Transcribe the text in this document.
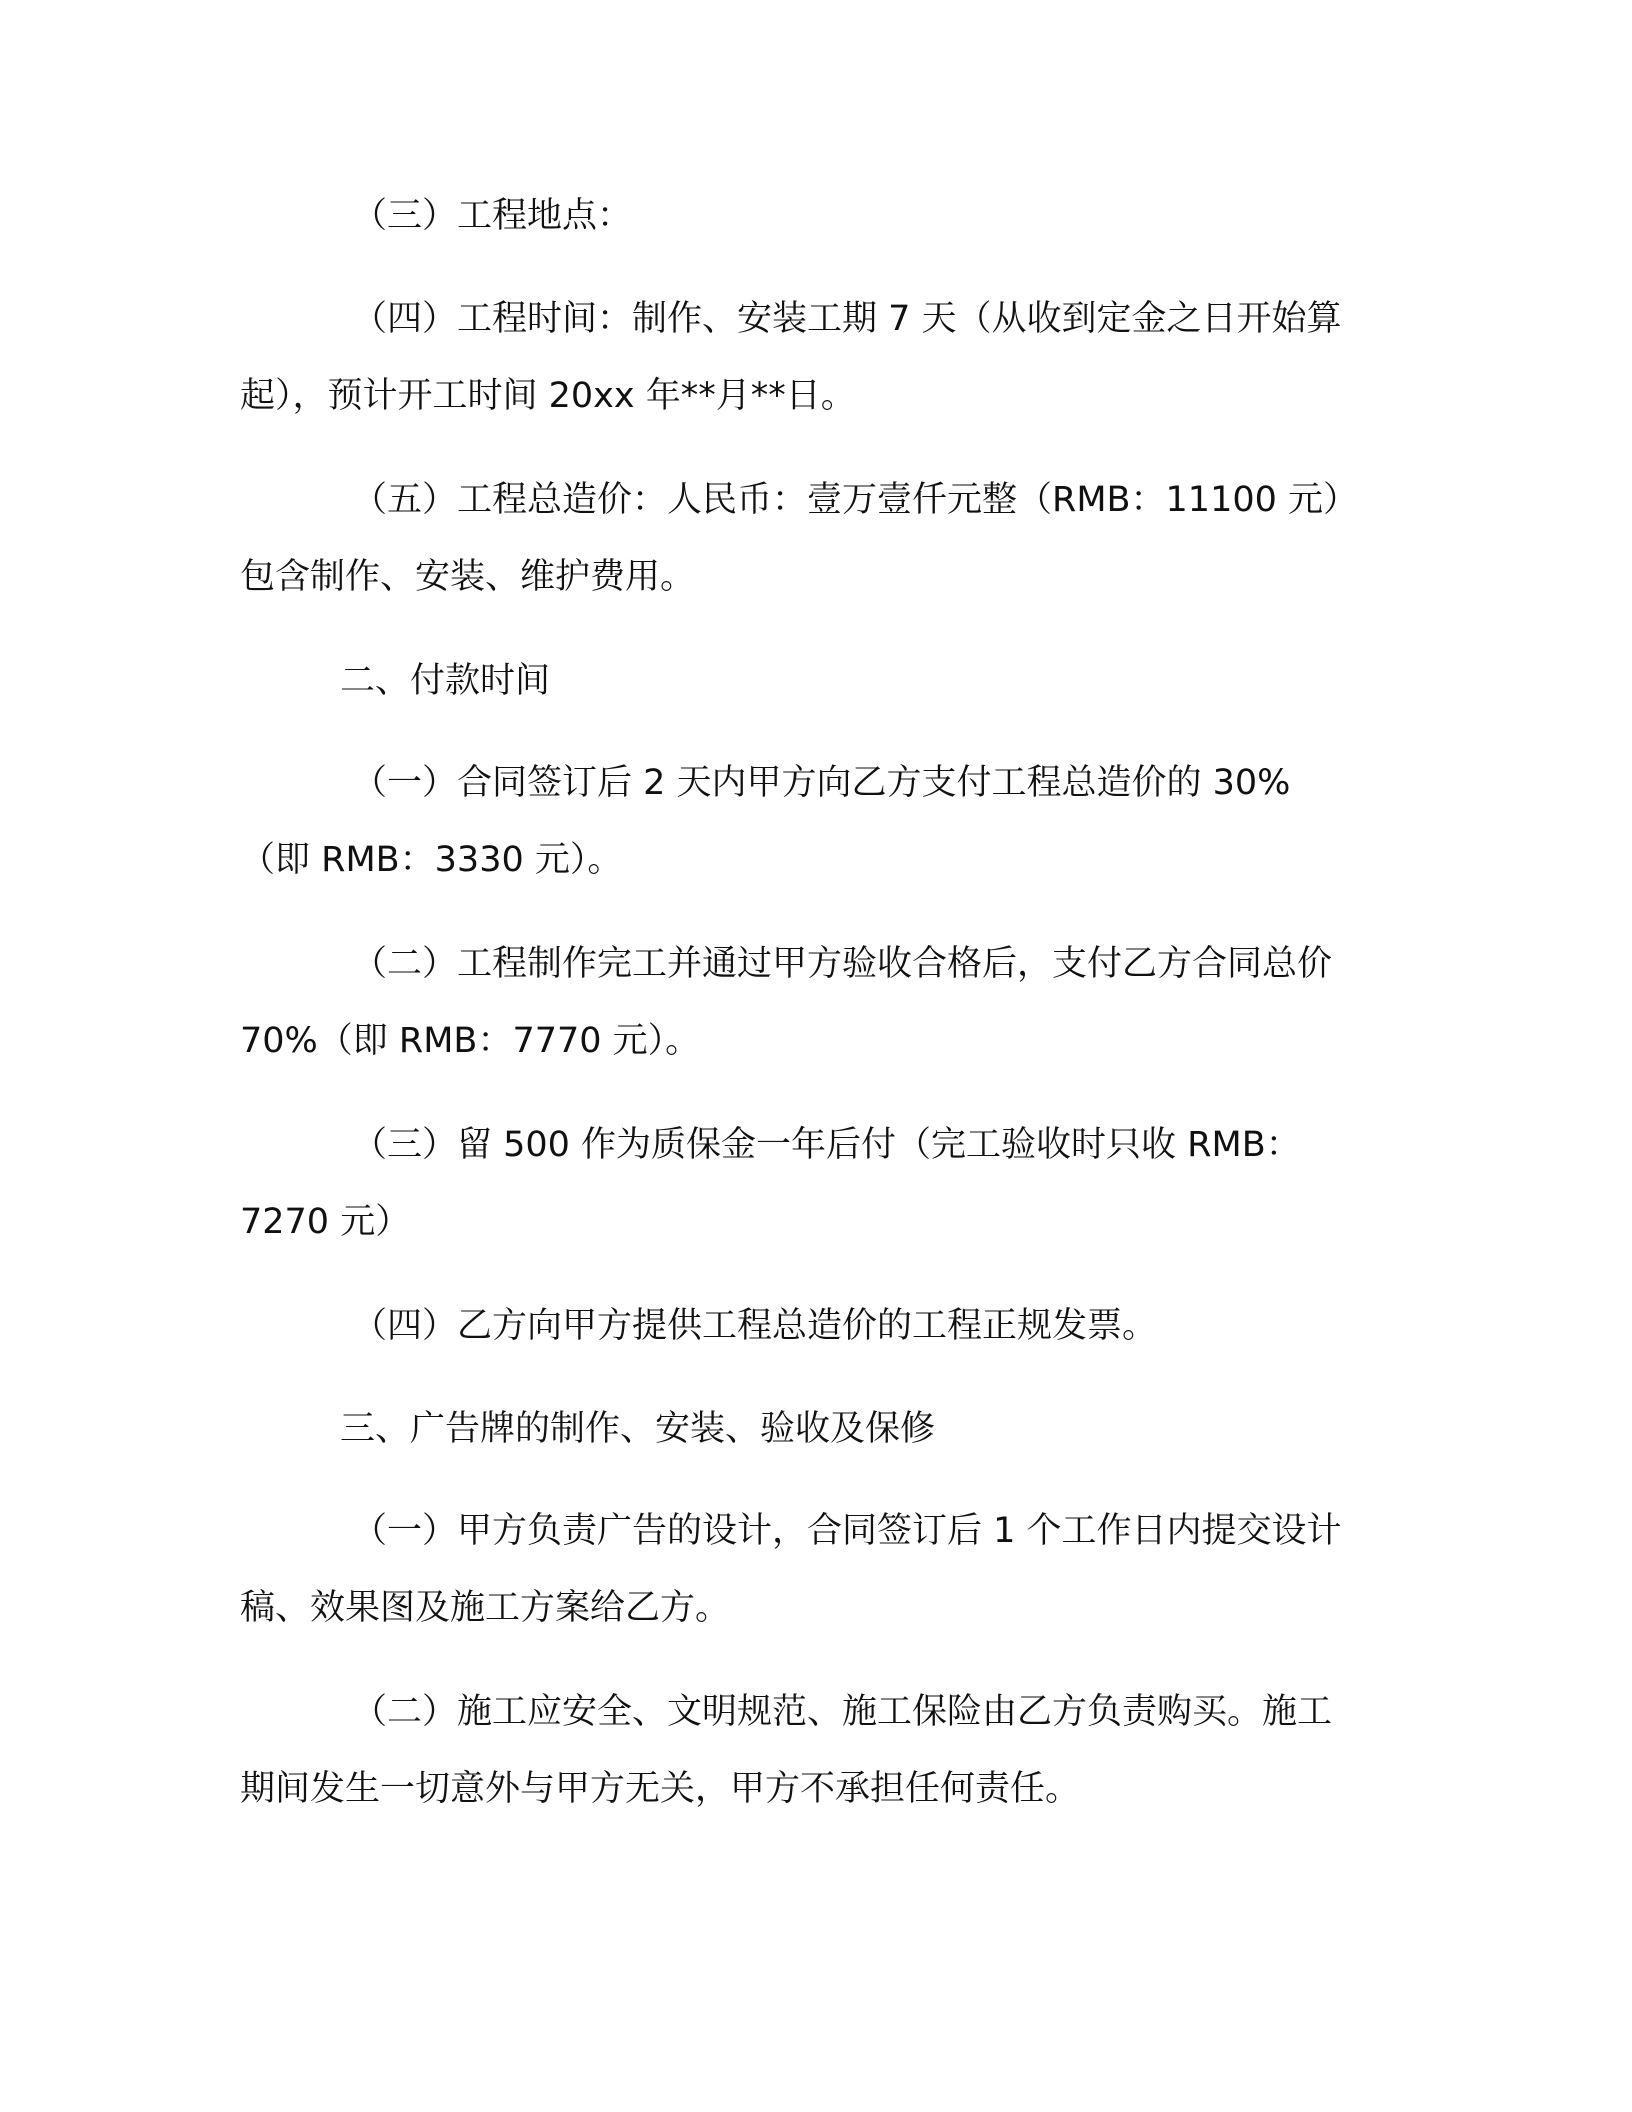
（三）工程地点：
（四）工程时间：制作、安装工期 7 天（从收到定金之日开始算
起），预计开工时间 20xx 年**月**日。
（五）工程总造价：人民币：壹万壹仟元整（RMB：11100 元）
包含制作、安装、维护费用。
二、付款时间
（一）合同签订后 2 天内甲方向乙方支付工程总造价的 30%
（即 RMB：3330 元）。
（二）工程制作完工并通过甲方验收合格后，支付乙方合同总价
70%（即 RMB：7770 元）。
（三）留 500 作为质保金一年后付（完工验收时只收 RMB：
7270 元）
（四）乙方向甲方提供工程总造价的工程正规发票。
三、广告牌的制作、安装、验收及保修
（一）甲方负责广告的设计，合同签订后 1 个工作日内提交设计
稿、效果图及施工方案给乙方。
（二）施工应安全、文明规范、施工保险由乙方负责购买。施工
期间发生一切意外与甲方无关，甲方不承担任何责任。
